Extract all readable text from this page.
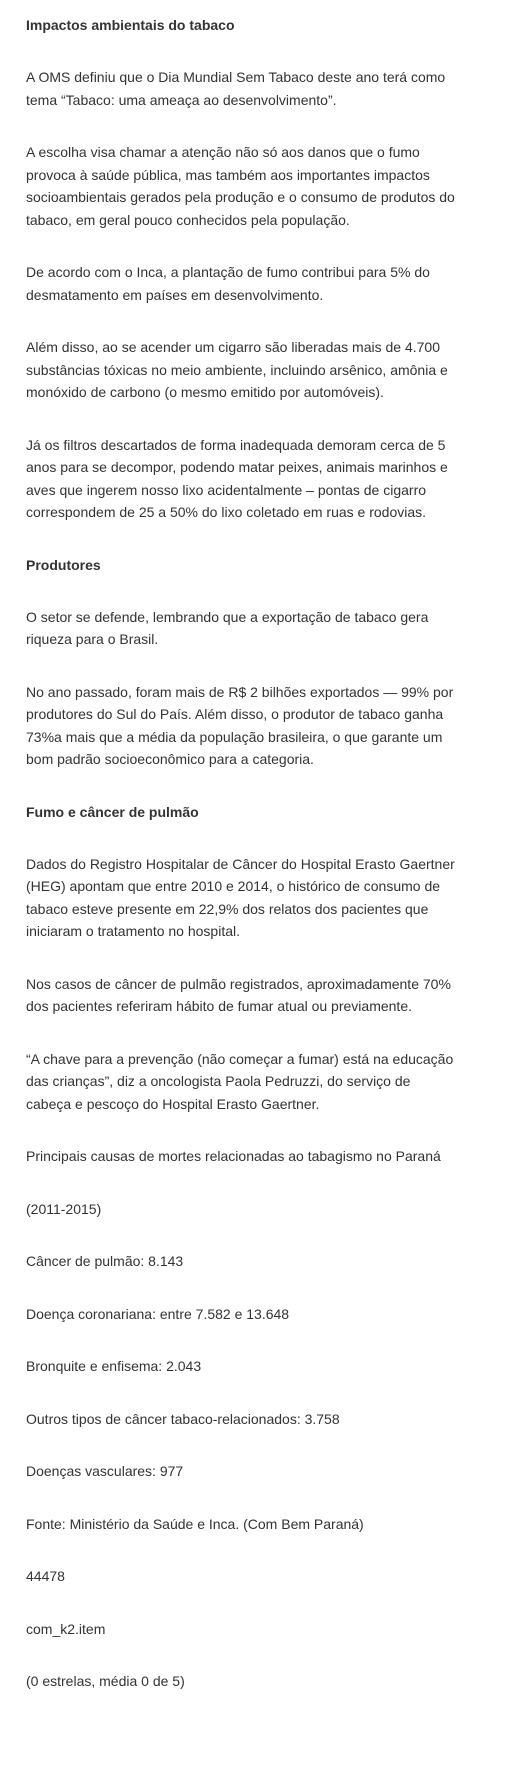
Impactos ambientais do tabaco

A OMS definiu que o Dia Mundial Sem Tabaco deste ano terá como tema “Tabaco: uma ameaça ao desenvolvimento”.

A escolha visa chamar a atenção não só aos danos que o fumo provoca à saúde pública, mas também aos importantes impactos socioambientais gerados pela produção e o consumo de produtos do tabaco, em geral pouco conhecidos pela população.

De acordo com o Inca, a plantação de fumo contribui para 5% do desmatamento em países em desenvolvimento.

Além disso, ao se acender um cigarro são liberadas mais de 4.700 substâncias tóxicas no meio ambiente, incluindo arsênico, amônia e monóxido de carbono (o mesmo emitido por automóveis).

Já os filtros descartados de forma inadequada demoram cerca de 5 anos para se decompor, podendo matar peixes, animais marinhos e aves que ingerem nosso lixo acidentalmente – pontas de cigarro correspondem de 25 a 50% do lixo coletado em ruas e rodovias.

Produtores

O setor se defende, lembrando que a exportação de tabaco gera riqueza para o Brasil.

No ano passado, foram mais de R$ 2 bilhões exportados — 99% por produtores do Sul do País. Além disso, o produtor de tabaco ganha 73%a mais que a média da população brasileira, o que garante um bom padrão socioeconômico para a categoria.

Fumo e câncer de pulmão

Dados do Registro Hospitalar de Câncer do Hospital Erasto Gaertner (HEG) apontam que entre 2010 e 2014, o histórico de consumo de tabaco esteve presente em 22,9% dos relatos dos pacientes que iniciaram o tratamento no hospital.

Nos casos de câncer de pulmão registrados, aproximadamente 70% dos pacientes referiram hábito de fumar atual ou previamente.

“A chave para a prevenção (não começar a fumar) está na educação das crianças”, diz a oncologista Paola Pedruzzi, do serviço de cabeça e pescoço do Hospital Erasto Gaertner.

Principais causas de mortes relacionadas ao tabagismo no Paraná

(2011-2015)

Câncer de pulmão: 8.143

Doença coronariana: entre 7.582 e 13.648

Bronquite e enfisema: 2.043

Outros tipos de câncer tabaco-relacionados: 3.758

Doenças vasculares: 977

Fonte: Ministério da Saúde e Inca. (Com Bem Paraná)

44478

com_k2.item

(0 estrelas, média 0 de 5)
